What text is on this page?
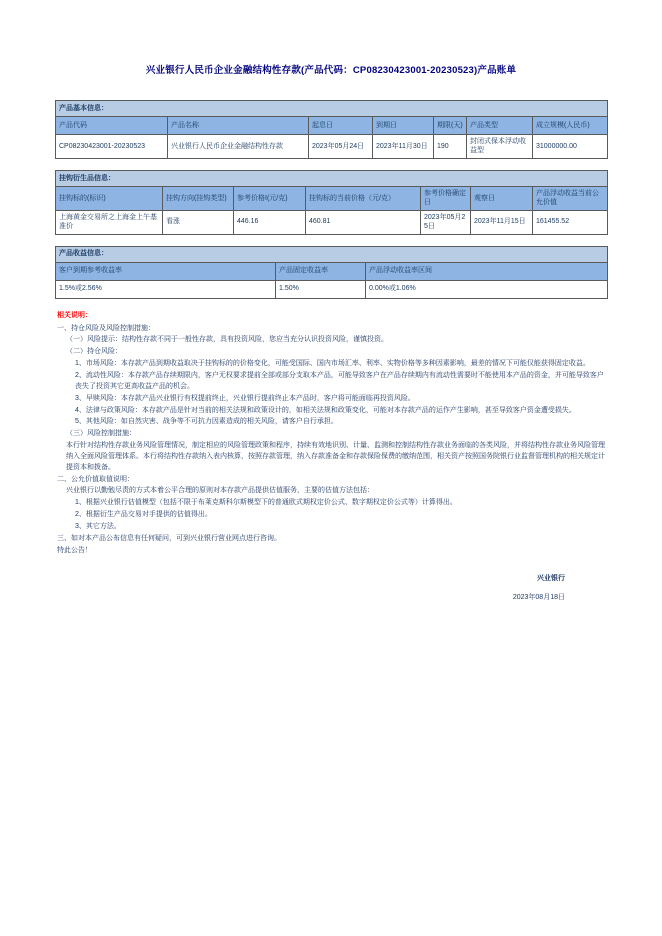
兴业银行人民币企业金融结构性存款(产品代码：CP08230423001-20230523)产品账单
产品基本信息：						
产品代码	产品名称	起息日	到期日	期限(天)	产品类型	成立规模(人民币)
CP08230423001-20230523	兴业银行人民币企业金融结构性存款	2023年05月24日	2023年11月30日	190	封闭式保本浮动收益型	31000000.00
挂钩衍生品信息：						
挂钩标的(标识)	挂钩方向(挂钩类型)	参考价格I(元/克)	挂钩标的当前价格（元/克）	参考价格确定日	观察日	产品浮动收益当前公允价值
上海黄金交易所之上海金上午基准价	看涨	446.16	460.81	2023年05月25日	2023年11月15日	161455.52
产品收益信息：		
客户到期参考收益率	产品固定收益率	产品浮动收益率区间
1.5%或2.56%	1.50%	0.00%或1.06%
相关说明：
一、持仓风险及风险控制措施：
（一）风险提示：结构性存款不同于一般性存款，具有投资风险，您应当充分认识投资风险，谨慎投资。
（二）持仓风险：
1、市场风险：本存款产品到期收益取决于挂钩标的的价格变化，可能受国际、国内市场汇率、利率、实物价格等多种因素影响，最差的情况下可能仅能获得固定收益。
2、流动性风险：本存款产品存续期限内，客户无权要求提前全部或部分支取本产品，可能导致客户在产品存续期内有流动性需要时不能使用本产品的资金，并可能导致客户丧失了投资其它更高收益产品的机会。
3、早赎风险：本存款产品兴业银行有权提前终止，兴业银行提前终止本产品时，客户将可能面临再投资风险。
4、法律与政策风险：本存款产品是针对当前的相关法规和政策设计的，如相关法规和政策变化，可能对本存款产品的运作产生影响，甚至导致客户资金遭受损失。
5、其他风险：如自然灾害、战争等不可抗力因素造成的相关风险，请客户自行承担。
（三）风险控制措施：
本行针对结构性存款业务风险管理情况，制定相应的风险管理政策和程序，持续有效地识别、计量、监测和控制结构性存款业务面临的各类风险，并将结构性存款业务风险管理纳入全面风险管理体系。本行将结构性存款纳入表内核算，按照存款管理，纳入存款准备金和存款保险保费的缴纳范围，相关资产按照国务院银行业监督管理机构的相关规定计提资本和拨备。
二、公允价值取值说明：
兴业银行以勤勉尽责的方式本着公平合理的原则对本存款产品提供估值服务，主要的估值方法包括：
1、根据兴业银行估值模型（包括不限于布莱克斯科尔斯模型下的普通欧式期权定价公式、数字期权定价公式等）计算得出。
2、根据衍生产品交易对手提供的估值得出。
3、其它方法。
三、如对本产品公布信息有任何疑问，可到兴业银行营业网点进行咨询。
特此公告！
兴业银行
2023年08月18日
